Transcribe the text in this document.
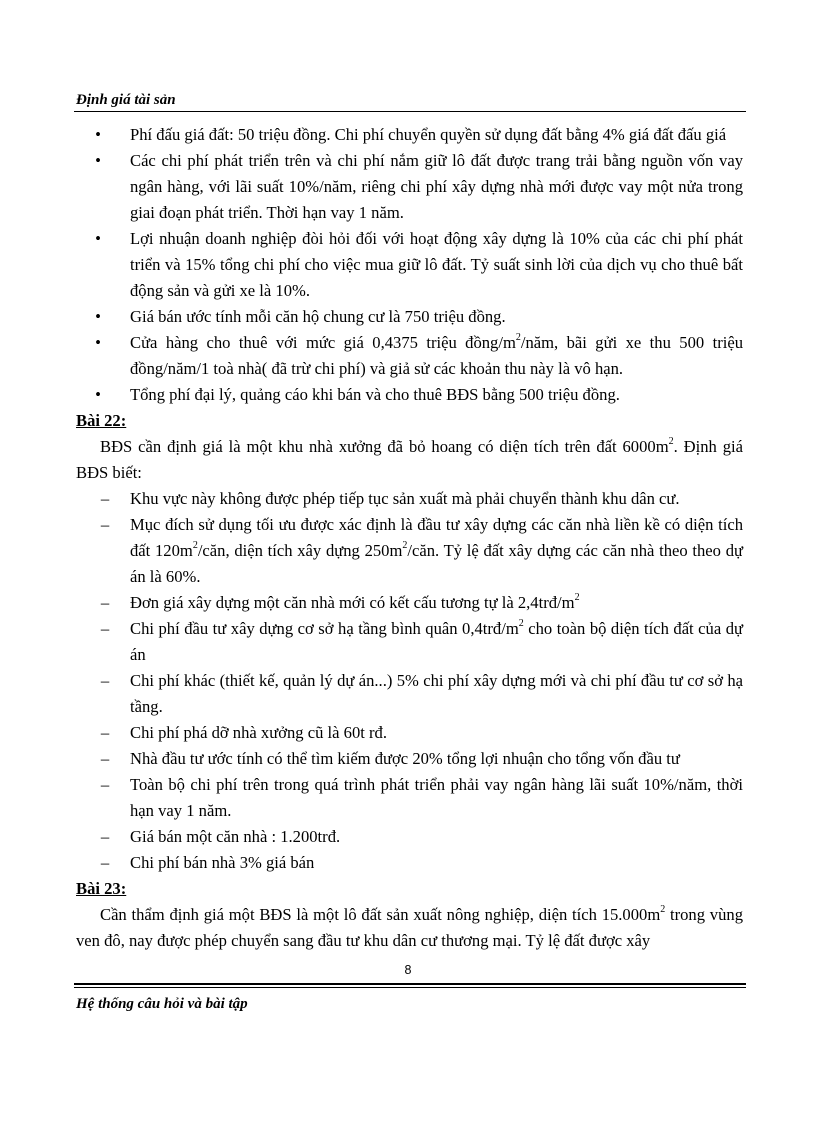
Định giá tài sản
•	Phí đấu giá đất: 50 triệu đồng. Chi phí chuyển quyền sử dụng đất bằng 4% giá đất đấu giá
•	Các chi phí phát triển trên và chi phí nắm giữ lô đất được trang trải bằng nguồn vốn vay ngân hàng, với lãi suất 10%/năm, riêng chi phí xây dựng nhà mới được vay một nửa trong giai đoạn phát triển. Thời hạn vay 1 năm.
•	Lợi nhuận doanh nghiệp đòi hỏi đối với hoạt động xây dựng là 10% của các chi phí phát triển và 15% tổng chi phí cho việc mua giữ lô đất. Tỷ suất sinh lời của dịch vụ cho thuê bất động sản và gửi xe là 10%.
•	Giá bán ước tính mỗi căn hộ chung cư là 750 triệu đồng.
•	Cửa hàng cho thuê với mức giá 0,4375 triệu đồng/$m^2$/năm, bãi gửi xe thu 500 triệu đồng/năm/1 toà nhà( đã trừ chi phí) và giả sử các khoản thu này là vô hạn.
•	Tổng phí đại lý, quảng cáo khi bán và cho thuê BĐS bằng 500 triệu đồng.
Bài 22:
BĐS cần định giá là một khu nhà xưởng đã bỏ hoang có diện tích trên đất $6000m^2$. Định giá BĐS biết:
– Khu vực này không được phép tiếp tục sản xuất mà phải chuyển thành khu dân cư.
– Mục đích sử dụng tối ưu được xác định là đầu tư xây dựng các căn nhà liền kề có diện tích đất $120m^2$/căn, diện tích xây dựng $250m^2$/căn. Tỷ lệ đất xây dựng các căn nhà theo theo dự án là 60%.
– Đơn giá xây dựng một căn nhà mới có kết cấu tương tự là $2,4trđ/m^2$
– Chi phí đầu tư xây dựng cơ sở hạ tầng bình quân $0,4trđ/m^2$ cho toàn bộ diện tích đất của dự án
– Chi phí khác (thiết kế, quản lý dự án...) 5% chi phí xây dựng mới và chi phí đầu tư cơ sở hạ tầng.
– Chi phí phá dỡ nhà xưởng cũ là 60t rđ.
– Nhà đầu tư ước tính có thể tìm kiếm được 20% tổng lợi nhuận cho tổng vốn đầu tư
– Toàn bộ chi phí trên trong quá trình phát triển phải vay ngân hàng lãi suất 10%/năm, thời hạn vay 1 năm.
– Giá bán một căn nhà : 1.200trđ.
– Chi phí bán nhà 3% giá bán
Bài 23:
Cần thẩm định giá một BĐS là một lô đất sản xuất nông nghiệp, diện tích $15.000m^2$ trong vùng ven đô, nay được phép chuyển sang đầu tư khu dân cư thương mại. Tỷ lệ đất được xây
8
Hệ thống câu hỏi và bài tập
